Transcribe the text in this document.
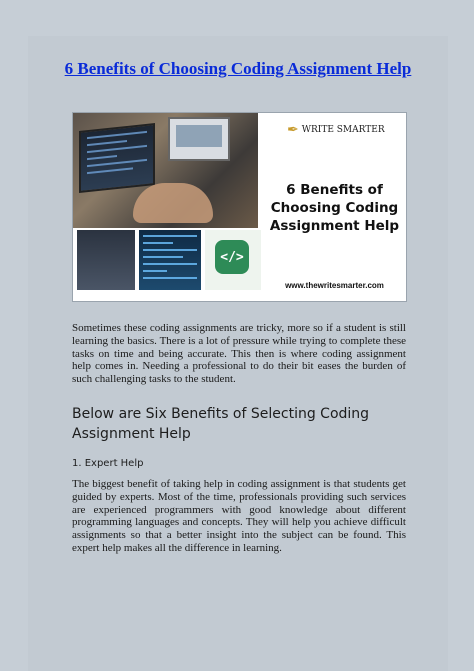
6 Benefits of Choosing Coding Assignment Help
</>
✒ W RITE SMARTER
6 Benefits of Choosing Coding Assignment Help
www.thewritesmarter.com

Sometimes these coding assignments are tricky, more so if a student is still learning the basics. There is a lot of pressure while trying to complete these tasks on time and being accurate. This then is where coding assignment help comes in. Needing a professional to do their bit eases the burden of such challenging tasks to the student.

Below are Six Benefits of Selecting Coding Assignment Help
1. Expert Help

The biggest benefit of taking help in coding assignment is that students get guided by experts. Most of the time, professionals providing such services are experienced programmers with good knowledge about different programming languages and concepts. They will help you achieve difficult assignments so that a better insight into the subject can be found. This expert help makes all the difference in learning.
